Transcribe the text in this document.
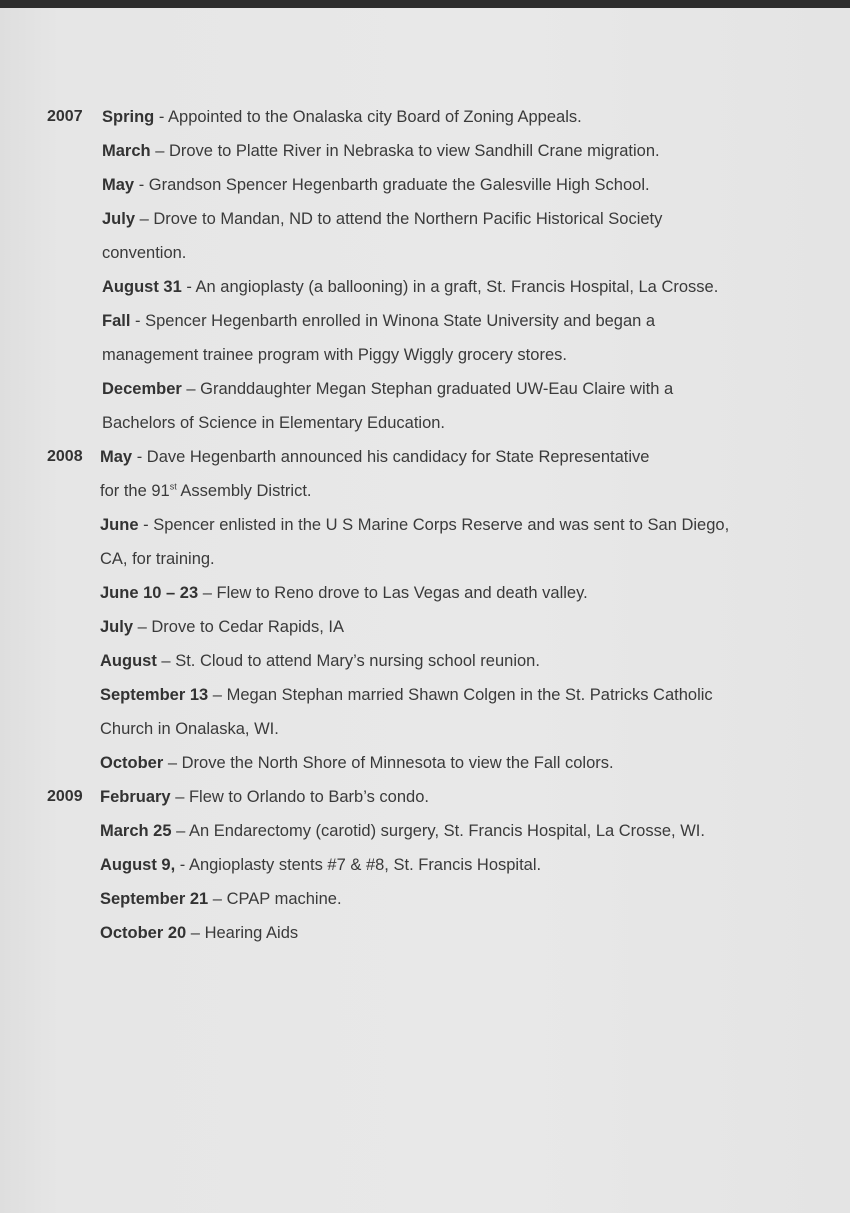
2007 Spring - Appointed to the Onalaska city Board of Zoning Appeals.
March – Drove to Platte River in Nebraska to view Sandhill Crane migration.
May - Grandson Spencer Hegenbarth graduate the Galesville High School.
July – Drove to Mandan, ND to attend the Northern Pacific Historical Society
convention.
August 31 - An angioplasty (a ballooning) in a graft, St. Francis Hospital, La Crosse.
Fall - Spencer Hegenbarth enrolled in Winona State University and began a
management trainee program with Piggy Wiggly grocery stores.
December – Granddaughter Megan Stephan graduated UW-Eau Claire with a
Bachelors of Science in Elementary Education.
2008 May - Dave Hegenbarth announced his candidacy for State Representative
for the 91st Assembly District.
June - Spencer enlisted in the U S Marine Corps Reserve and was sent to San Diego,
CA, for training.
June 10 – 23 – Flew to Reno drove to Las Vegas and death valley.
July – Drove to Cedar Rapids, IA
August – St. Cloud to attend Mary’s nursing school reunion.
September 13 – Megan Stephan married Shawn Colgen in the St. Patricks Catholic
Church in Onalaska, WI.
October – Drove the North Shore of Minnesota to view the Fall colors.
2009 February – Flew to Orlando to Barb’s condo.
March 25 – An Endarectomy (carotid) surgery, St. Francis Hospital, La Crosse, WI.
August 9, - Angioplasty stents #7 & #8, St. Francis Hospital.
September 21 – CPAP machine.
October 20 – Hearing Aids
